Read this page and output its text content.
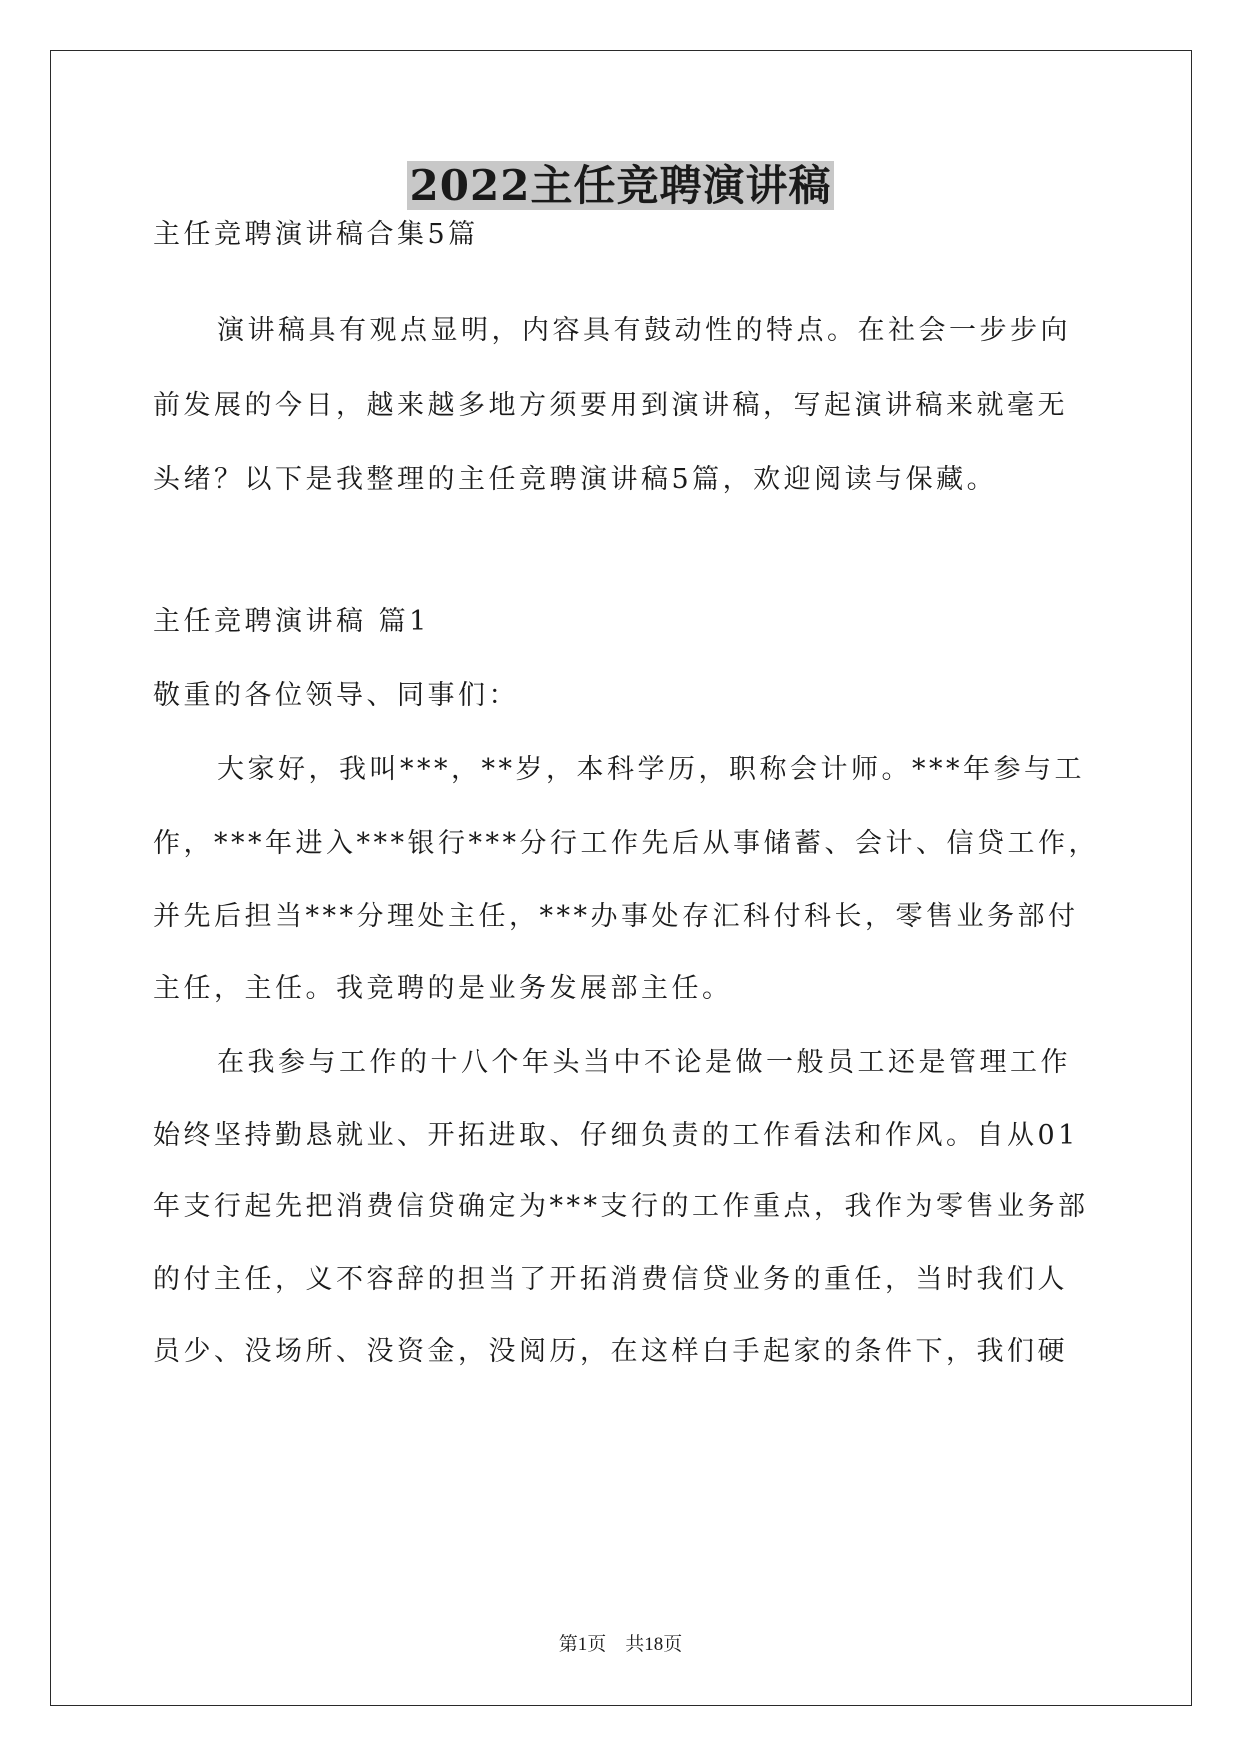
2022主任竞聘演讲稿
主任竞聘演讲稿合集5篇
演讲稿具有观点显明，内容具有鼓动性的特点。在社会一步步向
前发展的今日，越来越多地方须要用到演讲稿，写起演讲稿来就毫无
头绪？以下是我整理的主任竞聘演讲稿5篇，欢迎阅读与保藏。
主任竞聘演讲稿 篇1
敬重的各位领导、同事们：
大家好，我叫***，**岁，本科学历，职称会计师。***年参与工
作，***年进入***银行***分行工作先后从事储蓄、会计、信贷工作，
并先后担当***分理处主任，***办事处存汇科付科长，零售业务部付
主任，主任。我竞聘的是业务发展部主任。
在我参与工作的十八个年头当中不论是做一般员工还是管理工作
始终坚持勤恳就业、开拓进取、仔细负责的工作看法和作风。自从01
年支行起先把消费信贷确定为***支行的工作重点，我作为零售业务部
的付主任，义不容辞的担当了开拓消费信贷业务的重任，当时我们人
员少、没场所、没资金，没阅历，在这样白手起家的条件下，我们硬
第1页　共18页
